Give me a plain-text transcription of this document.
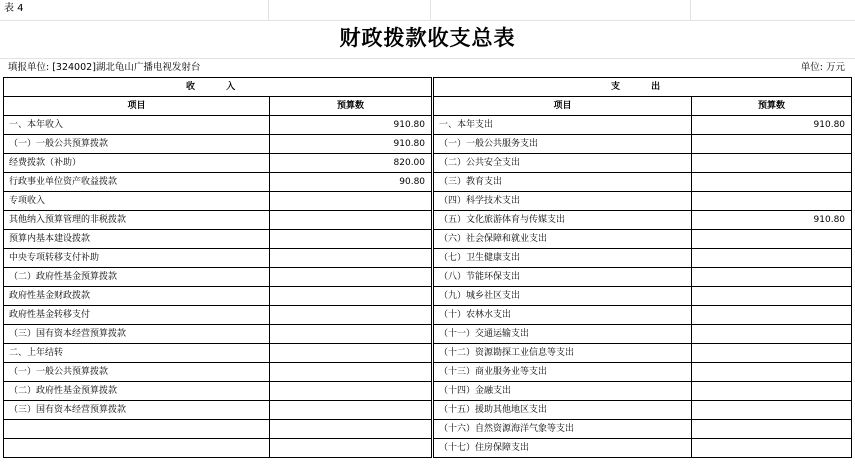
表 4
财政拨款收支总表
填报单位: [324002]湖北龟山广播电视发射台	单位: 万元
收 入			支 出	
项目	预算数		项目	预算数
一、本年收入	910.80		一、本年支出	910.80
（一）一般公共预算拨款	910.80		（一）一般公共服务支出	
经费拨款（补助）	820.00		（二）公共安全支出	
行政事业单位资产收益拨款	90.80		（三）教育支出	
专项收入			（四）科学技术支出	
其他纳入预算管理的非税拨款			（五）文化旅游体育与传媒支出	910.80
预算内基本建设拨款			（六）社会保障和就业支出	
中央专项转移支付补助			（七）卫生健康支出	
（二）政府性基金预算拨款			（八）节能环保支出	
政府性基金财政拨款			（九）城乡社区支出	
政府性基金转移支付			（十）农林水支出	
（三）国有资本经营预算拨款			（十一）交通运输支出	
二、上年结转			（十二）资源勘探工业信息等支出	
（一）一般公共预算拨款			（十三）商业服务业等支出	
（二）政府性基金预算拨款			（十四）金融支出	
（三）国有资本经营预算拨款			（十五）援助其他地区支出	
			（十六）自然资源海洋气象等支出	
			（十七）住房保障支出	
